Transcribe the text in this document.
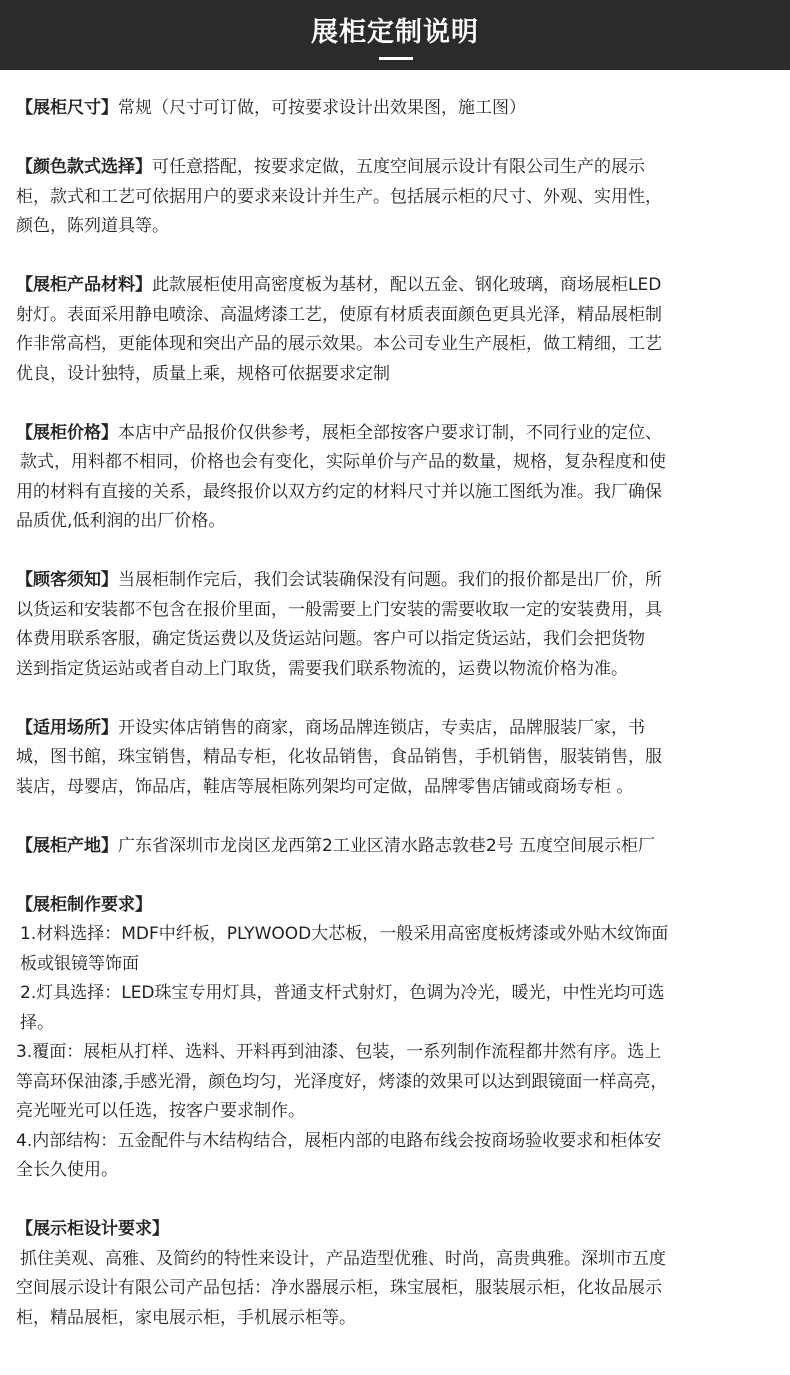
展柜定制说明
【展柜尺寸】常规（尺寸可订做，可按要求设计出效果图，施工图）
【颜色款式选择】可任意搭配，按要求定做，五度空间展示设计有限公司生产的展示
柜，款式和工艺可依据用户的要求来设计并生产。包括展示柜的尺寸、外观、实用性，
颜色，陈列道具等。
【展柜产品材料】此款展柜使用高密度板为基材，配以五金、钢化玻璃，商场展柜LED
射灯。表面采用静电喷涂、高温烤漆工艺，使原有材质表面颜色更具光泽，精品展柜制
作非常高档，更能体现和突出产品的展示效果。本公司专业生产展柜，做工精细，工艺
优良，设计独特，质量上乘，规格可依据要求定制
【展柜价格】本店中产品报价仅供参考，展柜全部按客户要求订制，不同行业的定位、
款式，用料都不相同，价格也会有变化，实际单价与产品的数量，规格，复杂程度和使
用的材料有直接的关系，最终报价以双方约定的材料尺寸并以施工图纸为准。我厂确保
品质优,低利润的出厂价格。
【顾客须知】当展柜制作完后，我们会试装确保没有问题。我们的报价都是出厂价，所
以货运和安装都不包含在报价里面，一般需要上门安装的需要收取一定的安装费用，具
体费用联系客服，确定货运费以及货运站问题。客户可以指定货运站，我们会把货物
送到指定货运站或者自动上门取货，需要我们联系物流的，运费以物流价格为准。
【适用场所】开设实体店销售的商家，商场品牌连锁店，专卖店，品牌服装厂家，书
城，图书館，珠宝销售，精品专柜，化妆品销售，食品销售，手机销售，服装销售，服
装店，母婴店，饰品店，鞋店等展柜陈列架均可定做，品牌零售店铺或商场专柜 。
【展柜产地】广东省深圳市龙岗区龙西第2工业区清水路志敦巷2号 五度空间展示柜厂
【展柜制作要求】
1.材料选择：MDF中纤板，PLYWOOD大芯板，一般采用高密度板烤漆或外贴木纹饰面
板或银镜等饰面
2.灯具选择：LED珠宝专用灯具，普通支杆式射灯，色调为冷光，暖光，中性光均可选
择。
3.覆面：展柜从打样、选料、开料再到油漆、包装，一系列制作流程都井然有序。选上
等高环保油漆,手感光滑，颜色均匀，光泽度好，烤漆的效果可以达到跟镜面一样高亮，
亮光哑光可以任选，按客户要求制作。
4.内部结构：五金配件与木结构结合，展柜内部的电路布线会按商场验收要求和柜体安
全长久使用。
【展示柜设计要求】
抓住美观、高雅、及简约的特性来设计，产品造型优雅、时尚，高贵典雅。深圳市五度
空间展示设计有限公司产品包括：净水器展示柜，珠宝展柜，服装展示柜，化妆品展示
柜，精品展柜，家电展示柜，手机展示柜等。
